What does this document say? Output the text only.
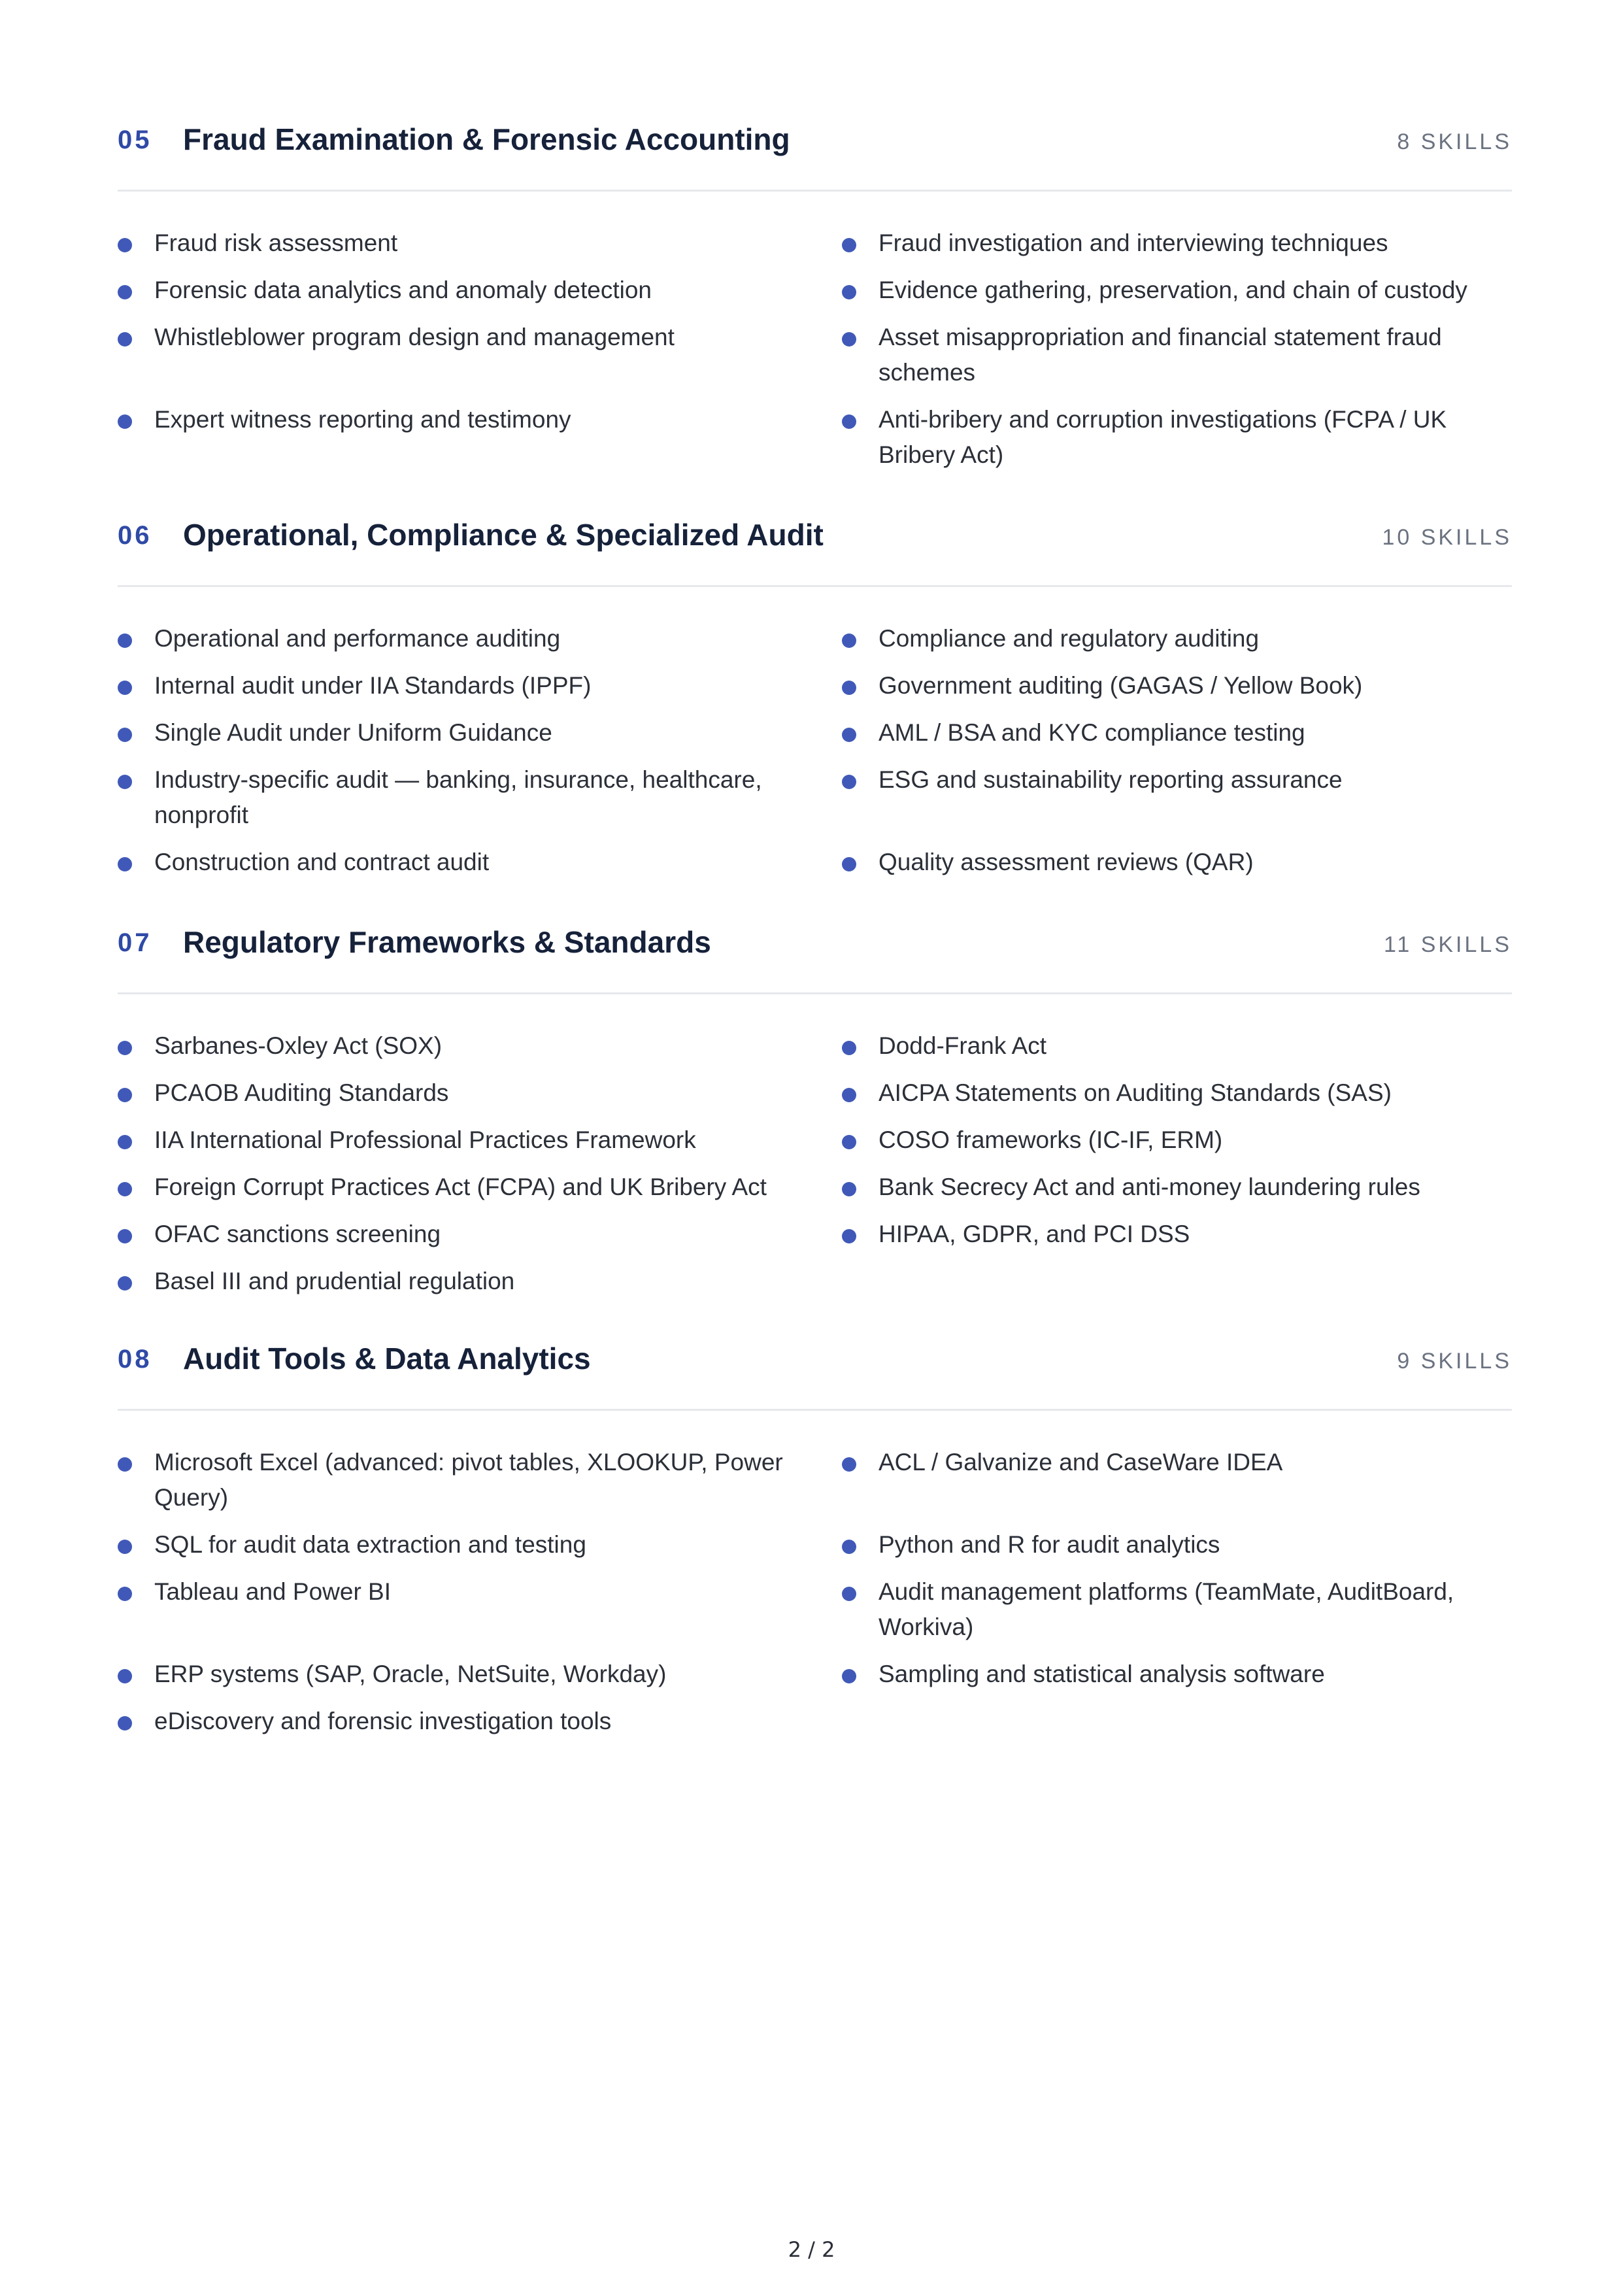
05 Fraud Examination & Forensic Accounting	8 SKILLS
Fraud risk assessment	Fraud investigation and interviewing techniques
Forensic data analytics and anomaly detection	Evidence gathering, preservation, and chain of custody
Whistleblower program design and management	Asset misappropriation and financial statement fraud schemes
Expert witness reporting and testimony	Anti-bribery and corruption investigations (FCPA / UK Bribery Act)
06 Operational, Compliance & Specialized Audit	10 SKILLS
Operational and performance auditing	Compliance and regulatory auditing
Internal audit under IIA Standards (IPPF)	Government auditing (GAGAS / Yellow Book)
Single Audit under Uniform Guidance	AML / BSA and KYC compliance testing
Industry-specific audit — banking, insurance, healthcare, nonprofit
ESG and sustainability reporting assurance
Construction and contract audit	Quality assessment reviews (QAR)
07 Regulatory Frameworks & Standards	11 SKILLS
Sarbanes-Oxley Act (SOX)	Dodd-Frank Act
PCAOB Auditing Standards	AICPA Statements on Auditing Standards (SAS)
IIA International Professional Practices Framework	COSO frameworks (IC-IF, ERM)
Foreign Corrupt Practices Act (FCPA) and UK Bribery Act	Bank Secrecy Act and anti-money laundering rules
OFAC sanctions screening	HIPAA, GDPR, and PCI DSS
Basel III and prudential regulation
08 Audit Tools & Data Analytics	9 SKILLS
Microsoft Excel (advanced: pivot tables, XLOOKUP, Power Query)
ACL / Galvanize and CaseWare IDEA
SQL for audit data extraction and testing	Python and R for audit analytics
Tableau and Power BI	Audit management platforms (TeamMate, AuditBoard, Workiva)
ERP systems (SAP, Oracle, NetSuite, Workday)	Sampling and statistical analysis software
eDiscovery and forensic investigation tools
2 / 2
